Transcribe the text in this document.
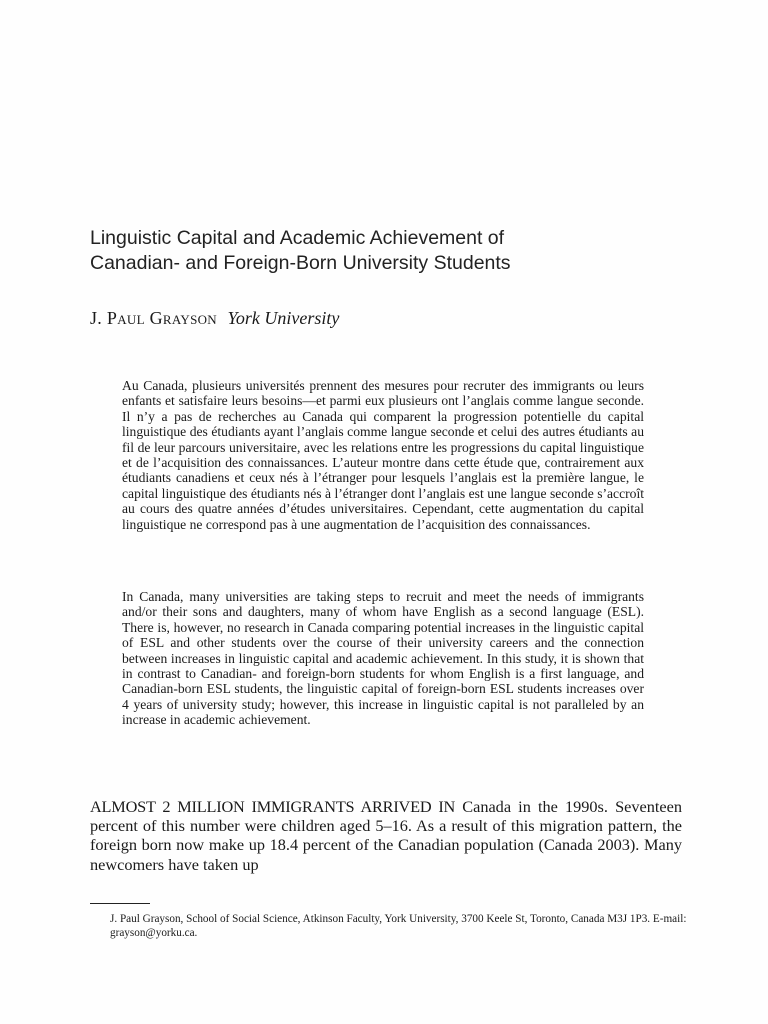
Linguistic Capital and Academic Achievement of
Canadian- and Foreign-Born University Students
J. Paul Grayson York University

Au Canada, plusieurs universités prennent des mesures pour recruter des immigrants ou leurs enfants et satisfaire leurs besoins—et parmi eux plusieurs ont l’anglais comme langue seconde. Il n’y a pas de recherches au Canada qui comparent la progression potentielle du capital linguistique des étudiants ayant l’anglais comme langue seconde et celui des autres étudiants au fil de leur parcours universitaire, avec les relations entre les progressions du capital linguistique et de l’acquisition des connaissances. L’auteur montre dans cette étude que, contrairement aux étudiants canadiens et ceux nés à l’étranger pour lesquels l’anglais est la première langue, le capital linguistique des étudiants nés à l’étranger dont l’anglais est une langue seconde s’accroît au cours des quatre années d’études universitaires. Cependant, cette augmentation du capital linguistique ne correspond pas à une augmentation de l’acquisition des connaissances.

In Canada, many universities are taking steps to recruit and meet the needs of immigrants and/or their sons and daughters, many of whom have English as a second language (ESL). There is, however, no research in Canada comparing potential increases in the linguistic capital of ESL and other students over the course of their university careers and the connection between increases in linguistic capital and academic achievement. In this study, it is shown that in contrast to Canadian- and foreign-born students for whom English is a first language, and Canadian-born ESL students, the linguistic capital of foreign-born ESL students increases over 4 years of university study; however, this increase in linguistic capital is not paralleled by an increase in academic achievement.

ALMOST 2 MILLION IMMIGRANTS ARRIVED IN Canada in the 1990s. Seventeen percent of this number were children aged 5–16. As a result of this migration pattern, the foreign born now make up 18.4 percent of the Canadian population (Canada 2003). Many newcomers have taken up

J. Paul Grayson, School of Social Science, Atkinson Faculty, York University, 3700 Keele St, Toronto, Canada M3J 1P3. E-mail: grayson@yorku.ca.
